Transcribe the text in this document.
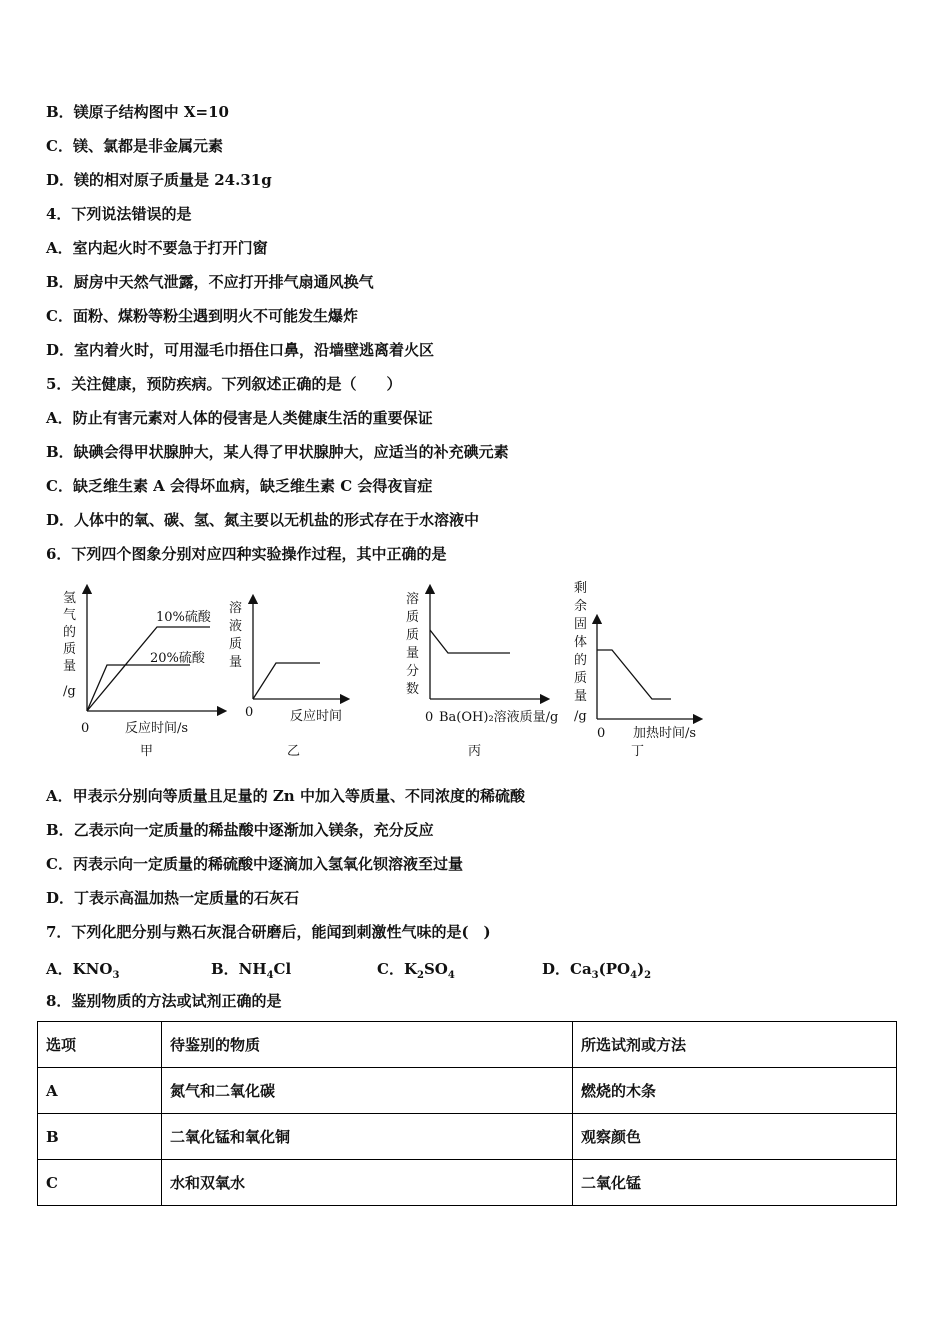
B．镁原子结构图中 X=10
C．镁、氯都是非金属元素
D．镁的相对原子质量是 24.31g
4．下列说法错误的是
A．室内起火时不要急于打开门窗
B．厨房中天然气泄露，不应打开排气扇通风换气
C．面粉、煤粉等粉尘遇到明火不可能发生爆炸
D．室内着火时，可用湿毛巾捂住口鼻，沿墙壁逃离着火区
5．关注健康，预防疾病。下列叙述正确的是（　　）
A．防止有害元素对人体的侵害是人类健康生活的重要保证
B．缺碘会得甲状腺肿大，某人得了甲状腺肿大，应适当的补充碘元素
C．缺乏维生素 A 会得坏血病，缺乏维生素 C 会得夜盲症
D．人体中的氧、碳、氢、氮主要以无机盐的形式存在于水溶液中
6．下列四个图象分别对应四种实验操作过程，其中正确的是
10%硫酸
20%硫酸
氢
气
的
质
量
/g
0	反应时间/s
甲
溶
液
质
量
0	反应时间
乙
溶
质
质
量
分
数
0 Ba(OH)₂溶液质量/g
丙
剩
余
固
体
的
质
量
/g
0 加热时间/s
丁
A．甲表示分别向等质量且足量的 Zn 中加入等质量、不同浓度的稀硫酸
B．乙表示向一定质量的稀盐酸中逐渐加入镁条，充分反应
C．丙表示向一定质量的稀硫酸中逐滴加入氢氧化钡溶液至过量
D．丁表示高温加热一定质量的石灰石
7．下列化肥分别与熟石灰混合研磨后，能闻到刺激性气味的是(　)
A．$KNO_3$	B．$NH_4Cl$	C．$K_2SO_4$	D．$Ca_3(PO_4)_2$
8．鉴别物质的方法或试剂正确的是
选项	待鉴别的物质	所选试剂或方法
A	氮气和二氧化碳	燃烧的木条
B	二氧化锰和氧化铜	观察颜色
C	水和双氧水	二氧化锰
